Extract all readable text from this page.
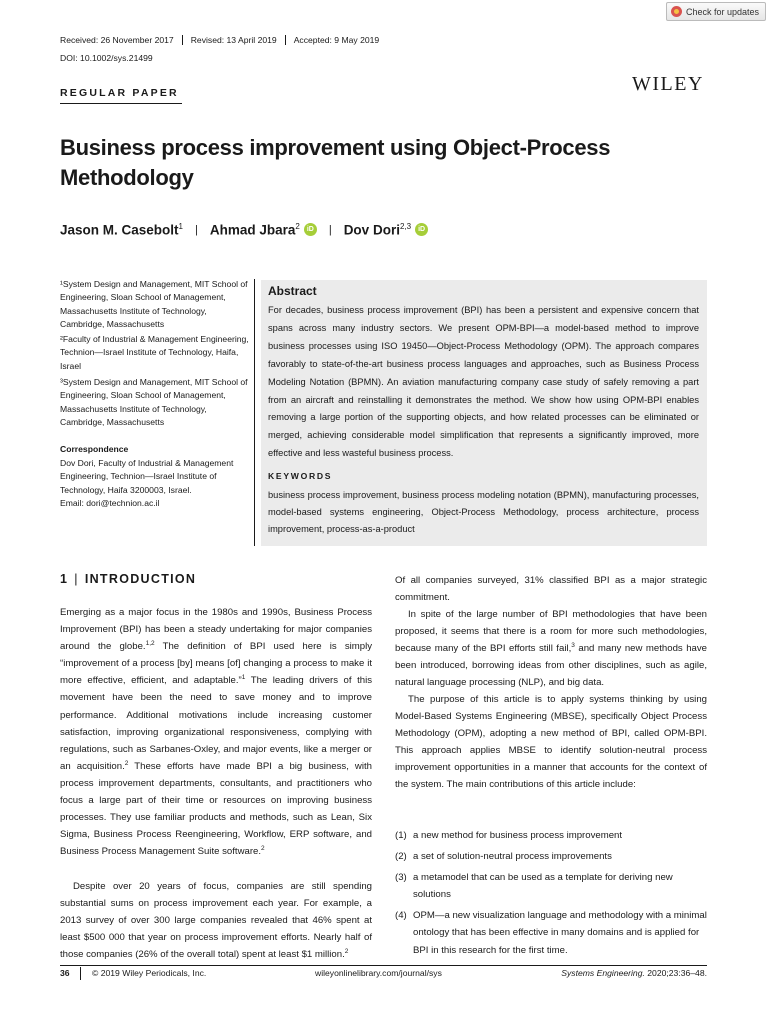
Check for updates
Received: 26 November 2017	Revised: 13 April 2019	Accepted: 9 May 2019
DOI: 10.1002/sys.21499
WILEY
REGULAR PAPER
Business process improvement using Object-Process Methodology
Jason M. Casebolt$^1$ | Ahmad Jbara$^2$	iD | Dov Dori$^{2,3}$	iD
¹System Design and Management, MIT School of Engineering, Sloan School of Management, Massachusetts Institute of Technology, Cambridge, Massachusetts
²Faculty of Industrial & Management Engineering, Technion—Israel Institute of Technology, Haifa, Israel
³System Design and Management, MIT School of Engineering, Sloan School of Management, Massachusetts Institute of Technology, Cambridge, Massachusetts
Correspondence
Dov Dori, Faculty of Industrial & Management Engineering, Technion—Israel Institute of Technology, Haifa 3200003, Israel.
Email: dori@technion.ac.il
Abstract
For decades, business process improvement (BPI) has been a persistent and expensive concern that spans across many industry sectors. We present OPM-BPI—a model-based method to improve business processes using ISO 19450—Object-Process Methodology (OPM). The approach compares favorably to state-of-the-art business process languages and approaches, such as Business Process Modeling Notation (BPMN). An aviation manufacturing company case study of safely removing a part from an aircraft and reinstalling it demonstrates the method. We show how using OPM-BPI enables removing a large portion of the supporting objects, and how related processes can be eliminated or merged, achieving considerable model simplification that represents a significantly improved, more effective and less wasteful business process.
KEYWORDS
business process improvement, business process modeling notation (BPMN), manufacturing processes, model-based systems engineering, Object-Process Methodology, process architecture, process improvement, process-as-a-product
1 | INTRODUCTION
Emerging as a major focus in the 1980s and 1990s, Business Process Improvement (BPI) has been a steady undertaking for major companies around the globe.$^{1,2}$ The definition of BPI used here is simply “improvement of a process [by] means [of] changing a process to make it more effective, efficient, and adaptable.”$^1$ The leading drivers of this movement have been the need to save money and to improve performance. Additional motivations include increasing customer satisfaction, improving organizational responsiveness, complying with regulations, such as Sarbanes-Oxley, and major events, like a merger or an acquisition.$^2$ These efforts have made BPI a big business, with process improvement departments, consultants, and practitioners who focus a large part of their time or resources on improving business processes. They use familiar products and methods, such as Lean, Six Sigma, Business Process Reengineering, Workflow, ERP software, and Business Process Management Suite software.$^2$
Despite over 20 years of focus, companies are still spending substantial sums on process improvement each year. For example, a 2013 survey of over 300 large companies revealed that 46% spent at least $500 000 that year on process improvement efforts. Nearly half of those companies (26% of the overall total) spent at least $1 million.$^2$
Of all companies surveyed, 31% classified BPI as a major strategic commitment.
In spite of the large number of BPI methodologies that have been proposed, it seems that there is a room for more such methodologies, because many of the BPI efforts still fail,$^3$ and many new methods have been introduced, borrowing ideas from other disciplines, such as agile, natural language processing (NLP), and big data.
The purpose of this article is to apply systems thinking by using Model-Based Systems Engineering (MBSE), specifically Object Process Methodology (OPM), adopting a new method of BPI, called OPM-BPI. This approach applies MBSE to identify solution-neutral process improvement opportunities in a manner that accounts for the context of the system. The main contributions of this article include:
(1) a new method for business process improvement
(2) a set of solution-neutral process improvements
(3) a metamodel that can be used as a template for deriving new solutions
(4) OPM—a new visualization language and methodology with a minimal ontology that has been effective in many domains and is applied for BPI in this research for the first time.
36	© 2019 Wiley Periodicals, Inc.	wileyonlinelibrary.com/journal/sys	Systems Engineering. 2020;23:36–48.
